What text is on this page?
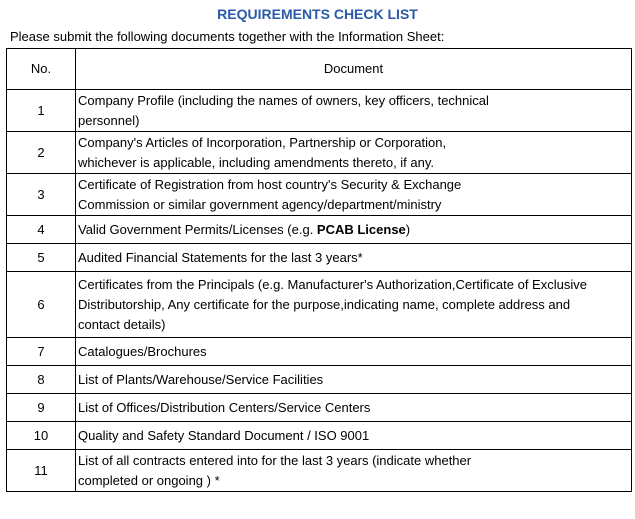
REQUIREMENTS CHECK LIST
Please submit the following documents together with the Information Sheet:
No.	Document
1	Company Profile (including the names of owners, key officers, technical
personnel)

2	Company's Articles of Incorporation, Partnership or Corporation,
whichever is applicable, including amendments thereto, if any.

3	Certificate of Registration from host country's Security & Exchange
Commission or similar government agency/department/ministry

4	Valid Government Permits/Licenses (e.g. PCAB License)
5	Audited Financial Statements for the last 3 years*

6	Certificates from the Principals (e.g. Manufacturer's Authorization,Certificate of Exclusive
Distributorship, Any certificate for the purpose,indicating name, complete address and
contact details)

7	Catalogues/Brochures

8	List of Plants/Warehouse/Service Facilities

9	List of Offices/Distribution Centers/Service Centers

10	Quality and Safety Standard Document / ISO 9001

11	List of all contracts entered into for the last 3 years (indicate whether
completed or ongoing ) *
